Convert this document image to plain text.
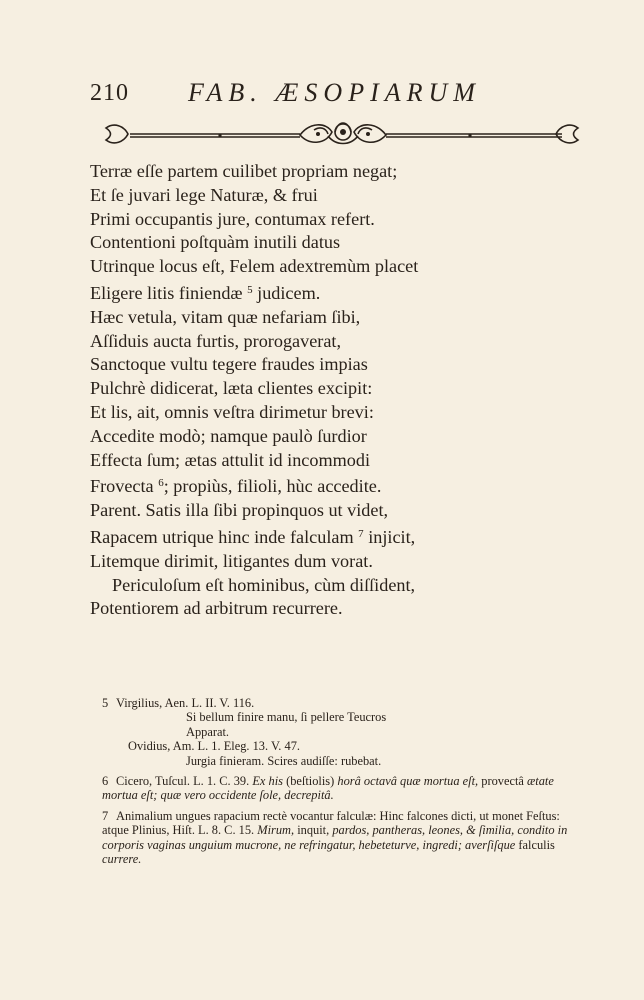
210 FAB. ÆSOPIARUM
Terræ eſſe partem cuilibet propriam negat;
Et ſe juvari lege Naturæ, & frui
Primi occupantis jure, contumax refert.
Contentioni poſtquàm inutili datus
Utrinque locus eſt, Felem adextremùm placet
Eligere litis finiendæ $^5$ judicem.
Hæc vetula, vitam quæ nefariam ſibi,
Aſſiduis aucta furtis, prorogaverat,
Sanctoque vultu tegere fraudes impias
Pulchrè didicerat, læta clientes excipit:
Et lis, ait, omnis veſtra dirimetur brevi:
Accedite modò; namque paulò ſurdior
Effecta ſum; ætas attulit id incommodi
Frovecta $^6$; propiùs, filioli, hùc accedite.
Parent. Satis illa ſibi propinquos ut videt,
Rapacem utrique hinc inde falculam $^7$ injicit,
Litemque dirimit, litigantes dum vorat.
Periculoſum eſt hominibus, cùm diſſident,
Potentiorem ad arbitrum recurrere.
5 Virgilius, Aen. L. II. V. 116.
Si bellum finire manu, ſi pellere Teucros
Apparat.
Ovidius, Am. L. 1. Eleg. 13. V. 47.
Jurgia finieram. Scires audiſſe: rubebat.
6 Cicero, Tuſcul. L. 1. C. 39. Ex his (beſtiolis) horâ octavâ quæ mortua eſt, provectâ ætate mortua eſt; quæ vero occidente ſole, decrepitâ.
7 Animalium ungues rapacium rectè vocantur falculæ: Hinc falcones dicti, ut monet Feſtus: atque Plinius, Hiſt. L. 8. C. 15. Mirum, inquit, pardos, pantheras, leones, & ſimilia, condito in corporis vaginas unguium mucrone, ne refringatur, hebeteturve, ingredi; averſiſque falculis currere.
